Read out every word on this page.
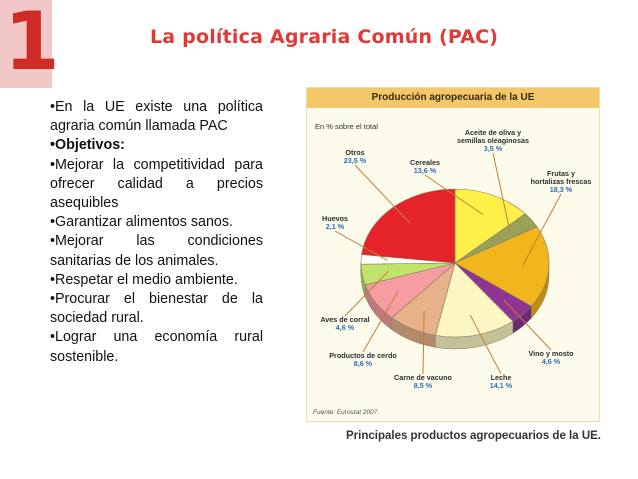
1	La política Agraria Común (PAC)

•En la UE existe una política agraria común llamada PAC

•Objetivos:

•Mejorar la competitividad para ofrecer calidad a precios asequibles

•Garantizar alimentos sanos.

•Mejorar las condiciones sanitarias de los animales.

•Respetar el medio ambiente.

•Procurar el bienestar de la sociedad rural.

•Lograr una economía rural sostenible.

Producción agropecuaria de la UE
En % sobre el total
Cereales
13,6 %
Aceite de oliva y
semillas oleaginosas
3,5 %
Frutas y
hortalizas frescas
18,3 %
Vino y mosto
4,6 %
Leche
14,1 %
Carne de vacuno
8,5 %
Productos de cerdo
8,6 %
Aves de corral
4,6 %
Huevos
2,1 %
Otros
23,5 %
Fuente: Eurostat 2007.
Principales productos agropecuarios de la UE.
